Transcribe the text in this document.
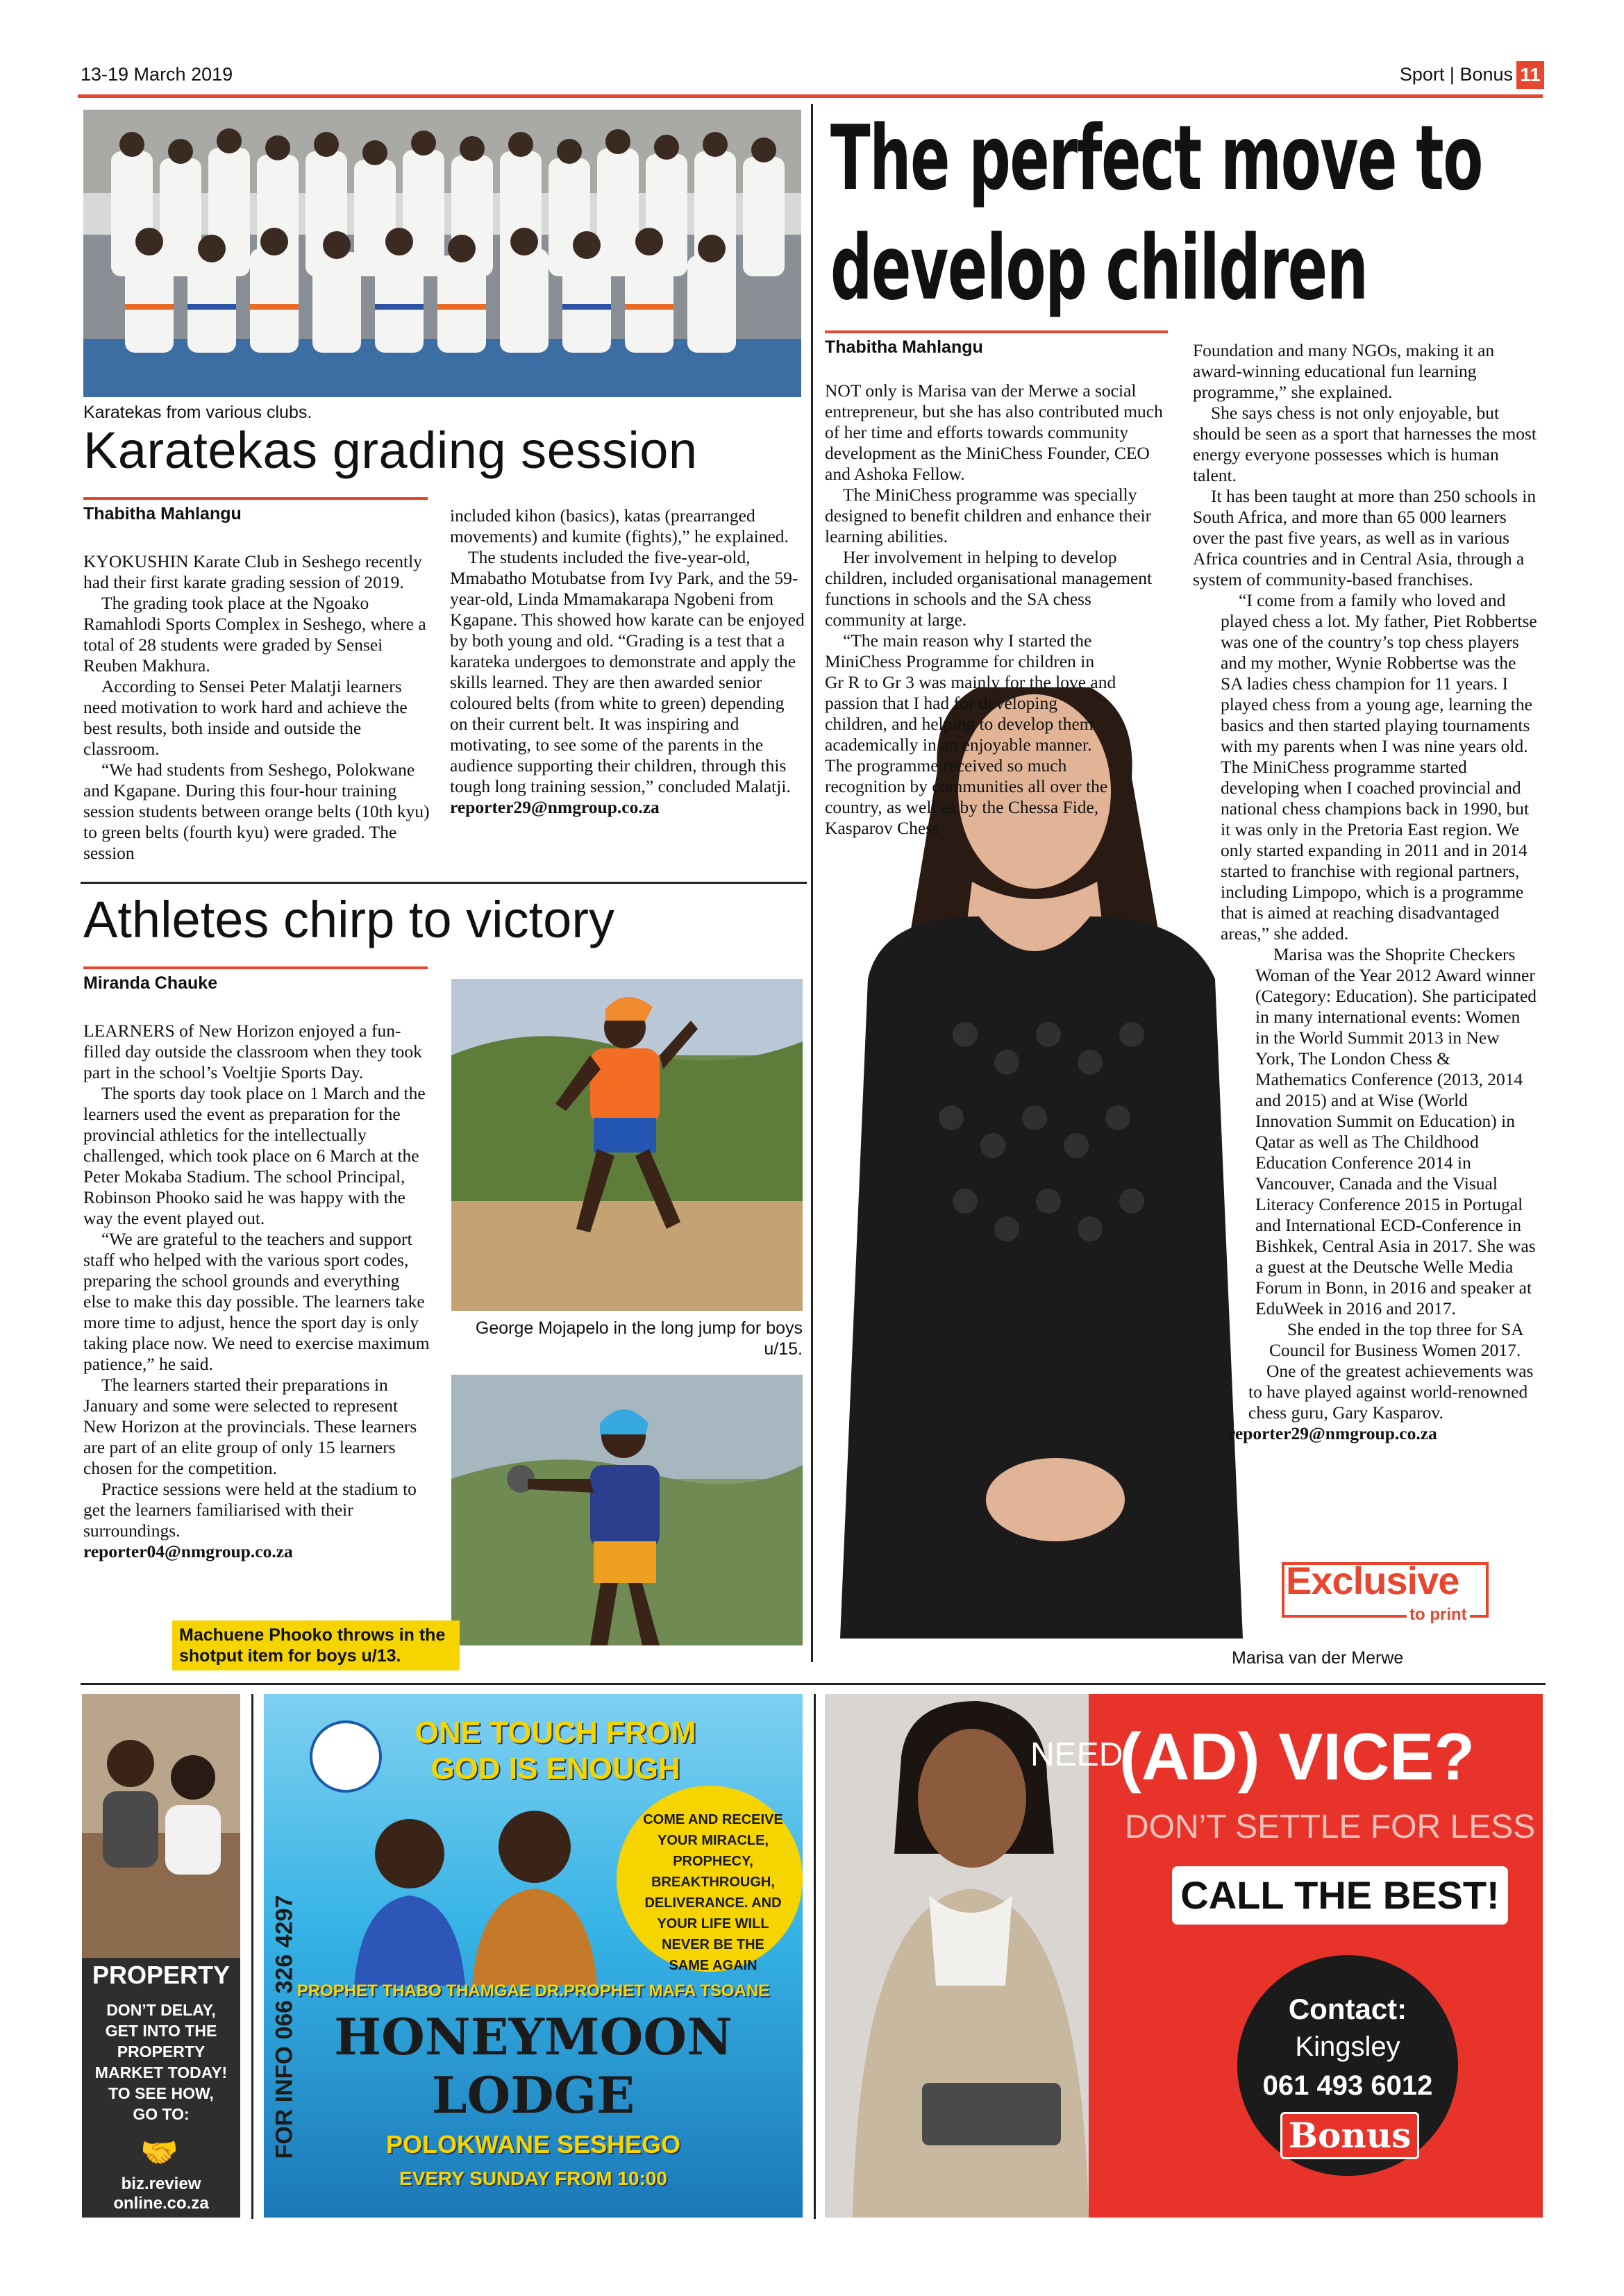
13-19 March 2019	Sport | Bonus 11
Karatekas from various clubs.
Karatekas grading session
Thabitha Mahlangu

KYOKUSHIN Karate Club in Seshego recently had their first karate grading session of 2019.

The grading took place at the Ngoako Ramahlodi Sports Complex in Seshego, where a total of 28 students were graded by Sensei Reuben Makhura.

According to Sensei Peter Malatji learners need motivation to work hard and achieve the best results, both inside and outside the classroom.

“We had students from Seshego, Polokwane and Kgapane. During this four-hour training session students between orange belts (10th kyu) to green belts (fourth kyu) were graded. The session

included kihon (basics), katas (prearranged movements) and kumite (fights),” he explained.

The students included the five-year-old, Mmabatho Motubatse from Ivy Park, and the 59-year-old, Linda Mmamakarapa Ngobeni from Kgapane. This showed how karate can be enjoyed by both young and old. “Grading is a test that a karateka undergoes to demonstrate and apply the skills learned. They are then awarded senior coloured belts (from white to green) depending on their current belt. It was inspiring and motivating, to see some of the parents in the audience supporting their children, through this tough long training session,” concluded Malatji.

reporter29@nmgroup.co.za

Athletes chirp to victory
Miranda Chauke

LEARNERS of New Horizon enjoyed a fun-filled day outside the classroom when they took part in the school’s Voeltjie Sports Day.

The sports day took place on 1 March and the learners used the event as preparation for the provincial athletics for the intellectually challenged, which took place on 6 March at the Peter Mokaba Stadium. The school Principal, Robinson Phooko said he was happy with the way the event played out.

“We are grateful to the teachers and support staff who helped with the various sport codes, preparing the school grounds and everything else to make this day possible. The learners take more time to adjust, hence the sport day is only taking place now. We need to exercise maximum patience,” he said.

The learners started their preparations in January and some were selected to represent New Horizon at the provincials. These learners are part of an elite group of only 15 learners chosen for the competition.

Practice sessions were held at the stadium to get the learners familiarised with their surroundings.

reporter04@nmgroup.co.za

George Mojapelo in the long jump for boys u/15.
Machuene Phooko throws in the shotput item for boys u/13.
The perfect move to
develop children
Thabitha Mahlangu

NOT only is Marisa van der Merwe a social entrepreneur, but she has also contributed much of her time and efforts towards community development as the MiniChess Founder, CEO and Ashoka Fellow.

The MiniChess programme was specially designed to benefit children and enhance their learning abilities.

Her involvement in helping to develop children, included organisational management functions in schools and the SA chess community at large.

“The main reason why I started the MiniChess Programme for children in Gr R to Gr 3 was mainly for the love and passion that I had for developing children, and helping to develop them academically in an enjoyable manner. The programme received so much recognition by communities all over the country, as well as by the Chessa Fide, Kasparov Chess

Foundation and many NGOs, making it an award-winning educational fun learning programme,” she explained.

She says chess is not only enjoyable, but should be seen as a sport that harnesses the most energy everyone possesses which is human talent.

It has been taught at more than 250 schools in South Africa, and more than 65 000 learners over the past five years, as well as in various Africa countries and in Central Asia, through a system of community-based franchises.

“I come from a family who loved and played chess a lot. My father, Piet Robbertse was one of the country’s top chess players and my mother, Wynie Robbertse was the SA ladies chess champion for 11 years. I played chess from a young age, learning the basics and then started playing tournaments with my parents when I was nine years old. The MiniChess programme started developing when I coached provincial and national chess champions back in 1990, but it was only in the Pretoria East region. We only started expanding in 2011 and in 2014 started to franchise with regional partners, including Limpopo, which is a programme that is aimed at reaching disadvantaged areas,” she added.

Marisa was the Shoprite Checkers Woman of the Year 2012 Award winner (Category: Education). She participated in many international events: Women in the World Summit 2013 in New York, The London Chess & Mathematics Conference (2013, 2014 and 2015) and at Wise (World Innovation Summit on Education) in Qatar as well as The Childhood Education Conference 2014 in Vancouver, Canada and the Visual Literacy Conference 2015 in Portugal and International ECD-Conference in Bishkek, Central Asia in 2017. She was a guest at the Deutsche Welle Media Forum in Bonn, in 2016 and speaker at EduWeek in 2016 and 2017.

She ended in the top three for SA Council for Business Women 2017.

One of the greatest achievements was to have played against world-renowned chess guru, Gary Kasparov.

reporter29@nmgroup.co.za

Exclusive
to print
Marisa van der Merwe
PROPERTY
DON’T DELAY, GET INTO THE PROPERTY MARKET TODAY! TO SEE HOW, GO TO:
🤝
biz.review
online.co.za
ONE TOUCH FROM
GOD IS ENOUGH
COME AND RECEIVE YOUR MIRACLE, PROPHECY, BREAKTHROUGH, DELIVERANCE. AND YOUR LIFE WILL NEVER BE THE SAME AGAIN
PROPHET THABO THAMGAE DR.PROPHET MAFA TSOANE
HONEYMOON
LODGE
POLOKWANE SESHEGO
EVERY SUNDAY FROM 10:00
FOR INFO 066 326 4297
NEED
(AD) VICE?
DON’T SETTLE FOR LESS
CALL THE BEST!
Contact:
Kingsley
061 493 6012
Bonus
